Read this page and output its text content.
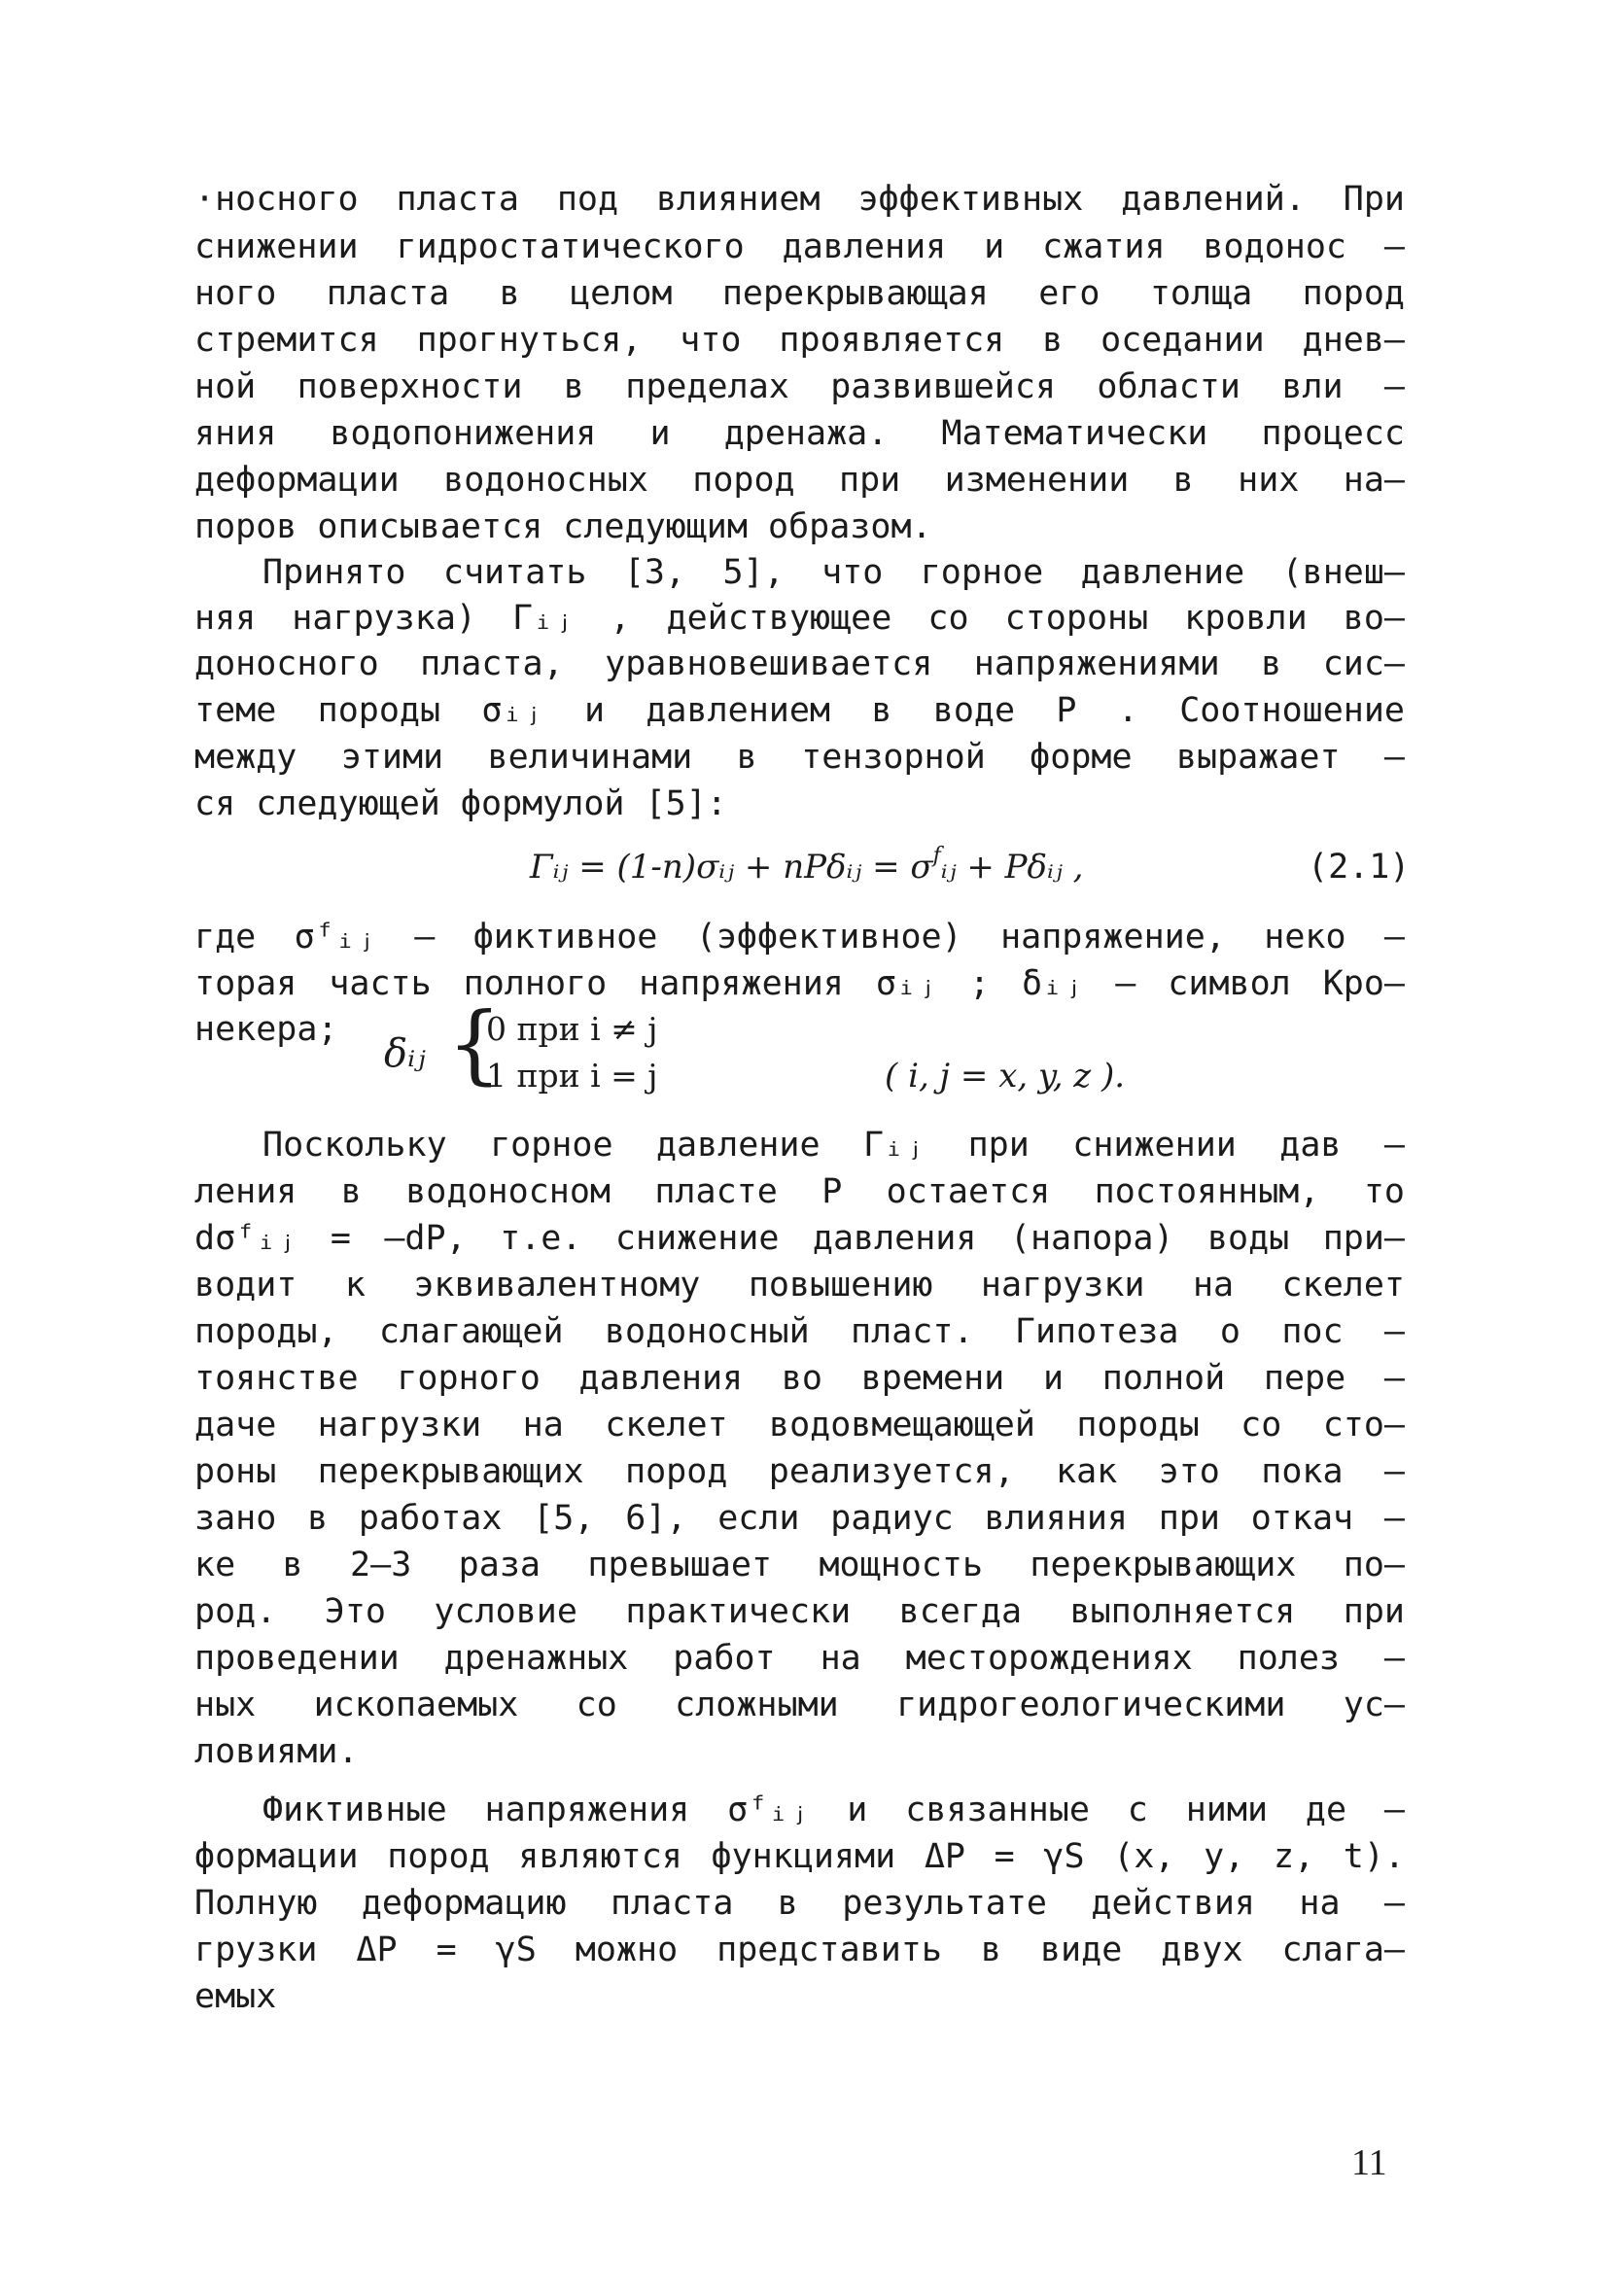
·носного пласта под влиянием эффективных давлений. При
снижении гидростатического давления и сжатия водонос –
ного пласта в целом перекрывающая его толща пород
стремится прогнуться, что проявляется в оседании днев–
ной поверхности в пределах развившейся области вли –
яния водопонижения и дренажа. Математически процесс
деформации водоносных пород при изменении в них на–
поров описывается следующим образом.
Принято считать [3, 5], что горное давление (внеш–
няя нагрузка) Γᵢⱼ , действующее со стороны кровли во–
доносного пласта, уравновешивается напряжениями в сис–
теме породы σᵢⱼ и давлением в воде P . Соотношение
между этими величинами в тензорной форме выражает –
ся следующей формулой [5]:
Γᵢⱼ = (1-n)σᵢⱼ + nPδᵢⱼ = $\sigma^fᵢⱼ$ + Pδᵢⱼ ,	(2.1)
где σᶠᵢⱼ – фиктивное (эффективное) напряжение, неко –
торая часть полного напряжения σᵢⱼ ; δᵢⱼ – символ Кро–
некера;
δᵢⱼ {
0 при i ≠ j
1 при i = j	( i, j = x, y, z ).
Поскольку горное давление Γᵢⱼ при снижении дав –
ления в водоносном пласте P остается постоянным, то
dσᶠᵢⱼ = –dP, т.е. снижение давления (напора) воды при–
водит к эквивалентному повышению нагрузки на скелет
породы, слагающей водоносный пласт. Гипотеза о пос –
тоянстве горного давления во времени и полной пере –
даче нагрузки на скелет водовмещающей породы со сто–
роны перекрывающих пород реализуется, как это пока –
зано в работах [5, 6], если радиус влияния при откач –
ке в 2–3 раза превышает мощность перекрывающих по–
род. Это условие практически всегда выполняется при
проведении дренажных работ на месторождениях полез –
ных ископаемых со сложными гидрогеологическими ус–
ловиями.
Фиктивные напряжения σᶠᵢⱼ и связанные с ними де –
формации пород являются функциями ΔP = γS (x, y, z, t).
Полную деформацию пласта в результате действия на –
грузки ΔP = γS можно представить в виде двух слага–
емых
11
